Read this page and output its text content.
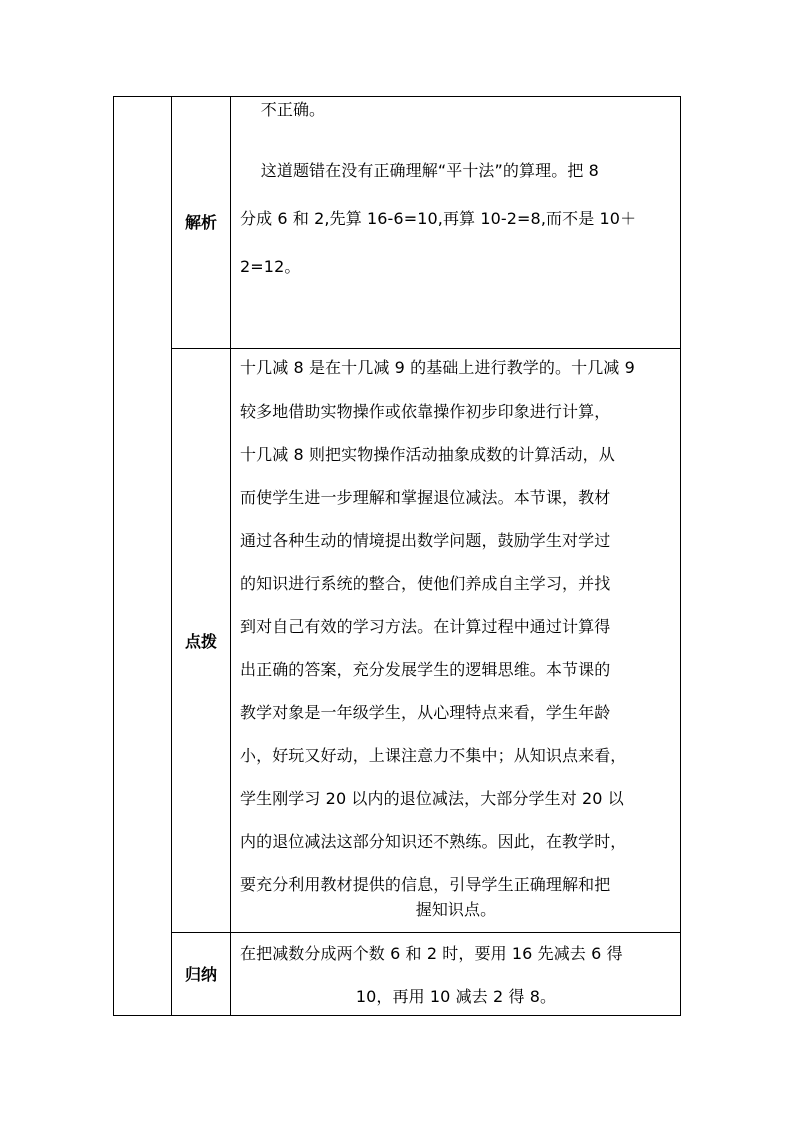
解析
不正确。
这道题错在没有正确理解“平十法”的算理。把 8
分成 6 和 2,先算 16-6=10,再算 10-2=8,而不是 10＋
2=12。
点拨
十几减 8 是在十几减 9 的基础上进行教学的。十几减 9
较多地借助实物操作或依靠操作初步印象进行计算，
十几减 8 则把实物操作活动抽象成数的计算活动，从
而使学生进一步理解和掌握退位减法。本节课，教材
通过各种生动的情境提出数学问题，鼓励学生对学过
的知识进行系统的整合，使他们养成自主学习，并找
到对自己有效的学习方法。在计算过程中通过计算得
出正确的答案，充分发展学生的逻辑思维。本节课的
教学对象是一年级学生，从心理特点来看，学生年龄
小，好玩又好动，上课注意力不集中；从知识点来看，
学生刚学习 20 以内的退位减法，大部分学生对 20 以
内的退位减法这部分知识还不熟练。因此，在教学时，
要充分利用教材提供的信息，引导学生正确理解和把
握知识点。
归纳
在把减数分成两个数 6 和 2 时，要用 16 先减去 6 得
10，再用 10 减去 2 得 8。
